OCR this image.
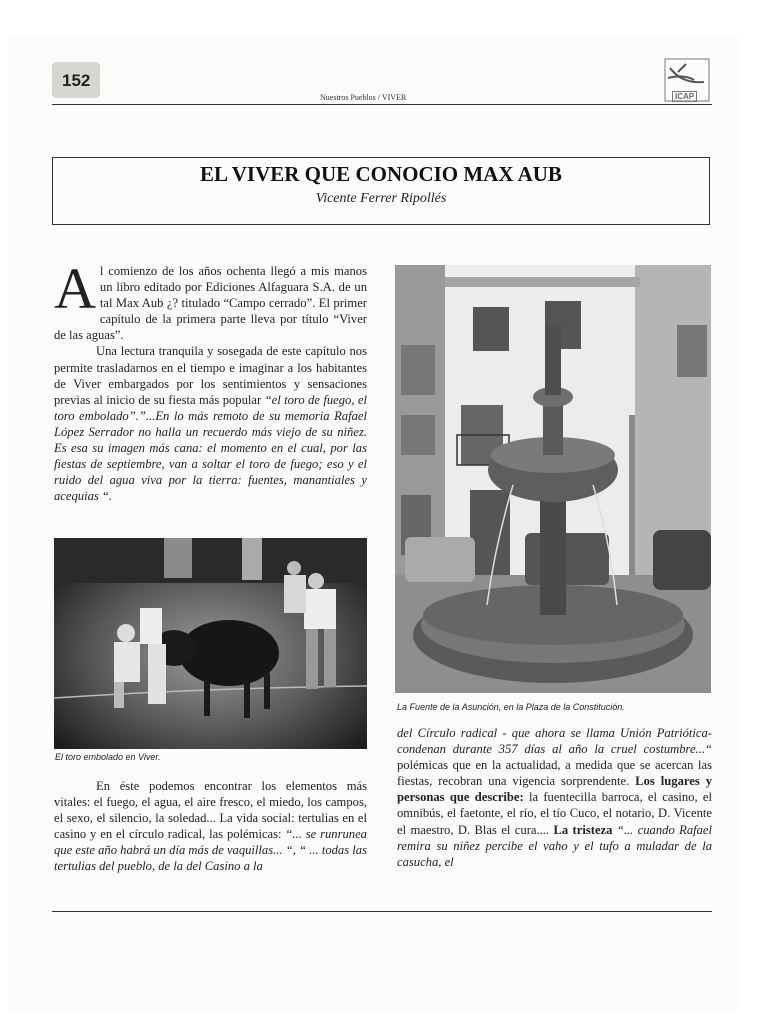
152
Nuestros Pueblos / VIVER	ICAP
EL VIVER QUE CONOCIO MAX AUB
Vicente Ferrer Ripollés

Al comienzo de los años ochenta llegó a mis manos un libro editado por Ediciones Alfaguara S.A. de un tal Max Aub ¿? titulado “Campo cerrado”. El primer capítulo de la primera parte lleva por título “Viver de las aguas”.

Una lectura tranquila y sosegada de este capítulo nos permite trasladarnos en el tiempo e imaginar a los habitantes de Viver embargados por los sentimientos y sensaciones previas al inicio de su fiesta más popular “el toro de fuego, el toro embolado”.”...En lo más remoto de su memoria Rafael López Serrador no halla un recuerdo más viejo de su niñez. Es esa su imagen más cana: el momento en el cual, por las fiestas de septiembre, van a soltar el toro de fuego; eso y el ruido del agua viva por la tierra: fuentes, manantiales y acequias “.

El toro embolado en Viver.

En éste podemos encontrar los elementos más vitales: el fuego, el agua, el aire fresco, el miedo, los campos, el sexo, el silencio, la soledad... La vida social: tertulias en el casino y en el círculo radical, las polémicas: “... se runrunea que este año habrá un día más de vaquillas... “, “ ... todas las tertulias del pueblo, de la del Casino a la

La Fuente de la Asunción, en la Plaza de la Constitución.

del Círculo radical - que ahora se llama Unión Patriótica- condenan durante 357 días al año la cruel costumbre...“ polémicas que en la actualidad, a medida que se acercan las fiestas, recobran una vigencia sorprendente. Los lugares y personas que describe: la fuentecilla barroca, el casino, el omnibús, el faetonte, el río, el tío Cuco, el notario, D. Vicente el maestro, D. Blas el cura.... La tristeza “... cuando Rafael remira su niñez percibe el vaho y el tufo a muladar de la casucha, el
